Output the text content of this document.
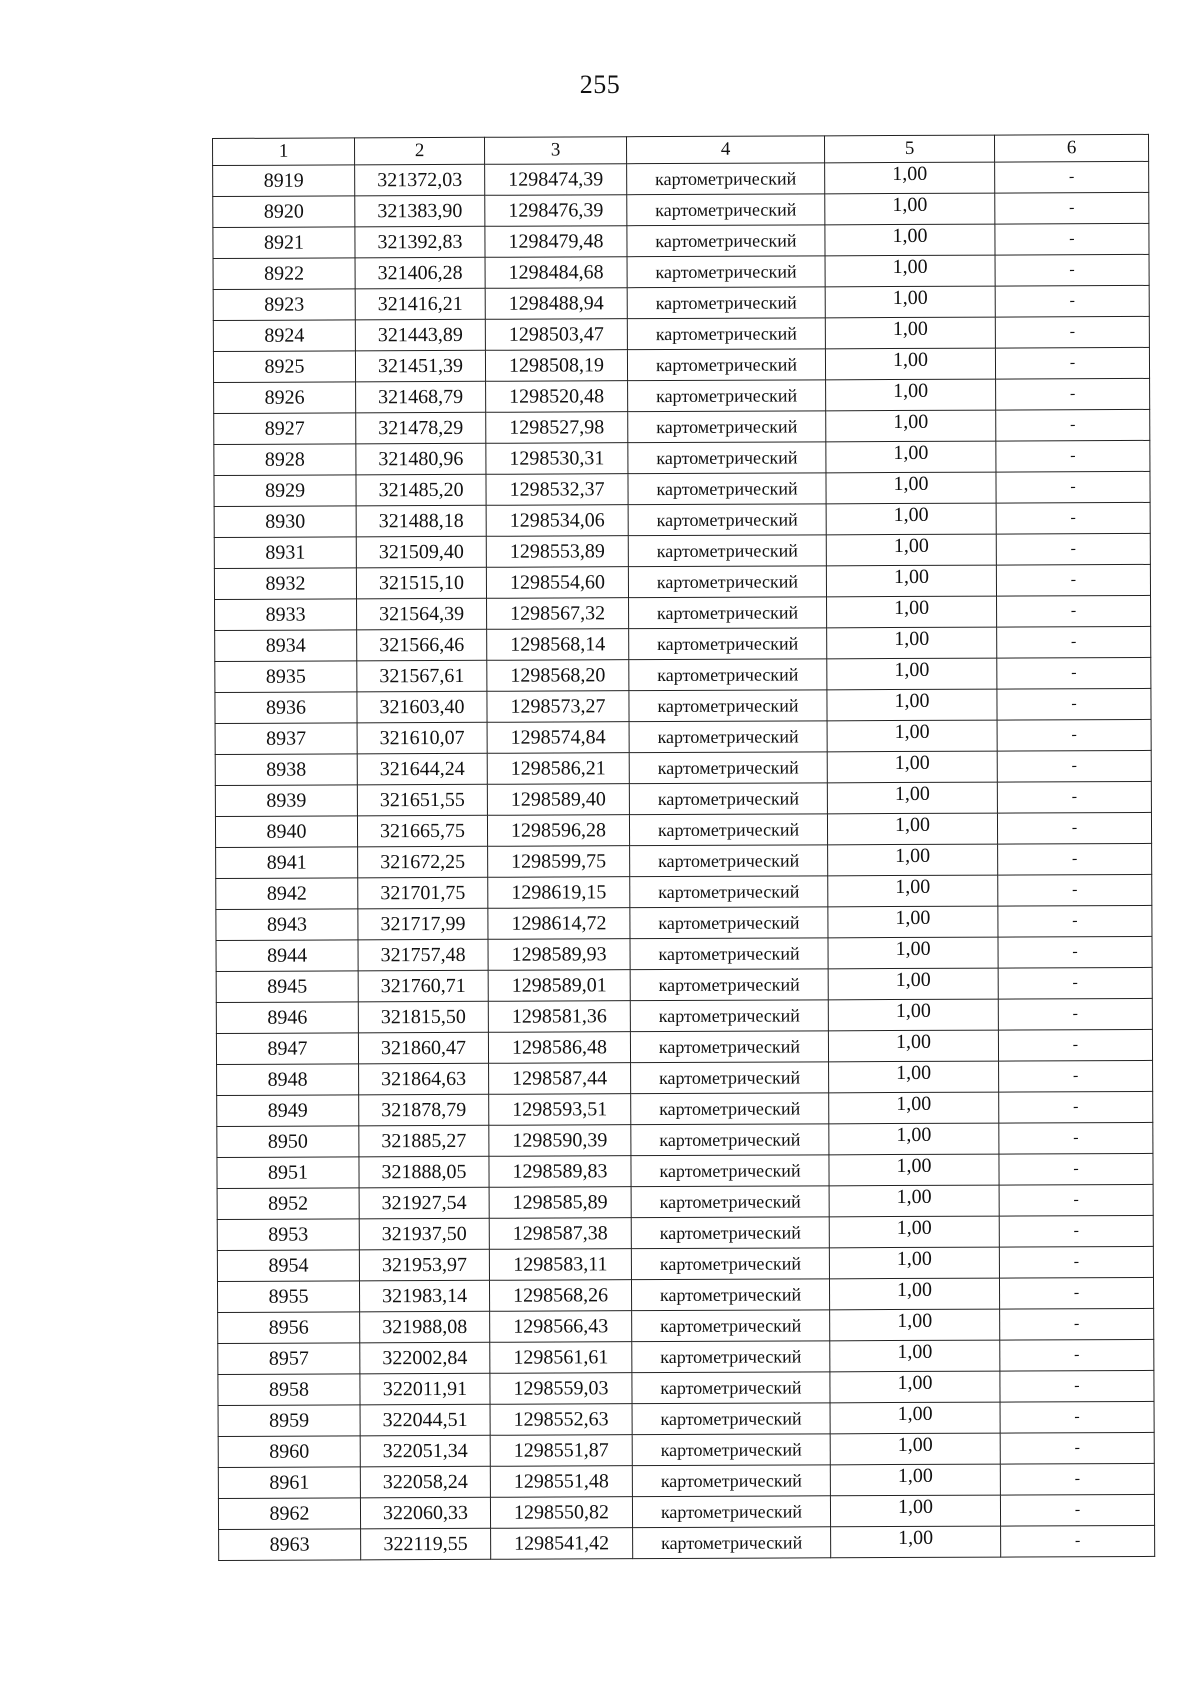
255
1	2	3	4	5	6
8919	321372,03	1298474,39	картометрический	1,00	-
8920	321383,90	1298476,39	картометрический	1,00	-
8921	321392,83	1298479,48	картометрический	1,00	-
8922	321406,28	1298484,68	картометрический	1,00	-
8923	321416,21	1298488,94	картометрический	1,00	-
8924	321443,89	1298503,47	картометрический	1,00	-
8925	321451,39	1298508,19	картометрический	1,00	-
8926	321468,79	1298520,48	картометрический	1,00	-
8927	321478,29	1298527,98	картометрический	1,00	-
8928	321480,96	1298530,31	картометрический	1,00	-
8929	321485,20	1298532,37	картометрический	1,00	-
8930	321488,18	1298534,06	картометрический	1,00	-
8931	321509,40	1298553,89	картометрический	1,00	-
8932	321515,10	1298554,60	картометрический	1,00	-
8933	321564,39	1298567,32	картометрический	1,00	-
8934	321566,46	1298568,14	картометрический	1,00	-
8935	321567,61	1298568,20	картометрический	1,00	-
8936	321603,40	1298573,27	картометрический	1,00	-
8937	321610,07	1298574,84	картометрический	1,00	-
8938	321644,24	1298586,21	картометрический	1,00	-
8939	321651,55	1298589,40	картометрический	1,00	-
8940	321665,75	1298596,28	картометрический	1,00	-
8941	321672,25	1298599,75	картометрический	1,00	-
8942	321701,75	1298619,15	картометрический	1,00	-
8943	321717,99	1298614,72	картометрический	1,00	-
8944	321757,48	1298589,93	картометрический	1,00	-
8945	321760,71	1298589,01	картометрический	1,00	-
8946	321815,50	1298581,36	картометрический	1,00	-
8947	321860,47	1298586,48	картометрический	1,00	-
8948	321864,63	1298587,44	картометрический	1,00	-
8949	321878,79	1298593,51	картометрический	1,00	-
8950	321885,27	1298590,39	картометрический	1,00	-
8951	321888,05	1298589,83	картометрический	1,00	-
8952	321927,54	1298585,89	картометрический	1,00	-
8953	321937,50	1298587,38	картометрический	1,00	-
8954	321953,97	1298583,11	картометрический	1,00	-
8955	321983,14	1298568,26	картометрический	1,00	-
8956	321988,08	1298566,43	картометрический	1,00	-
8957	322002,84	1298561,61	картометрический	1,00	-
8958	322011,91	1298559,03	картометрический	1,00	-
8959	322044,51	1298552,63	картометрический	1,00	-
8960	322051,34	1298551,87	картометрический	1,00	-
8961	322058,24	1298551,48	картометрический	1,00	-
8962	322060,33	1298550,82	картометрический	1,00	-
8963	322119,55	1298541,42	картометрический	1,00	-
